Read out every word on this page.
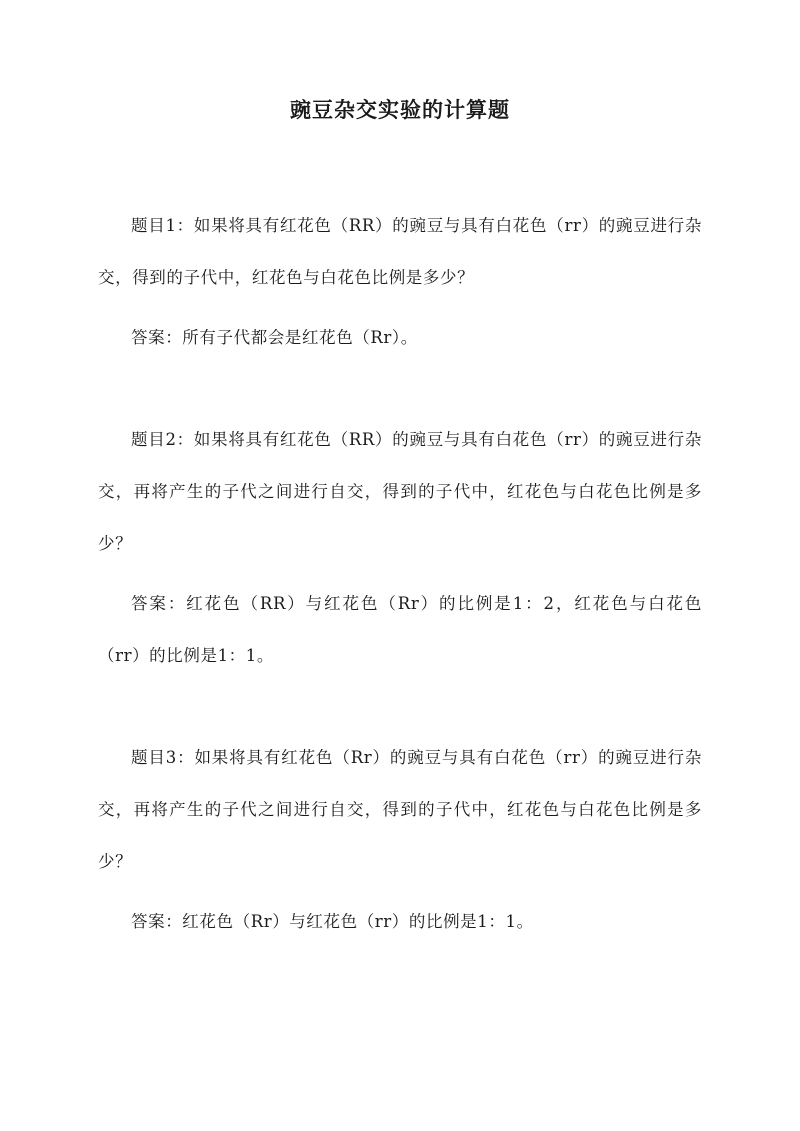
豌豆杂交实验的计算题

题目1：如果将具有红花色（RR）的豌豆与具有白花色（rr）的豌豆进行杂交，得到的子代中，红花色与白花色比例是多少？

答案：所有子代都会是红花色（Rr）。

题目2：如果将具有红花色（RR）的豌豆与具有白花色（rr）的豌豆进行杂交，再将产生的子代之间进行自交，得到的子代中，红花色与白花色比例是多少？

答案：红花色（RR）与红花色（Rr）的比例是1：2，红花色与白花色（rr）的比例是1：1。

题目3：如果将具有红花色（Rr）的豌豆与具有白花色（rr）的豌豆进行杂交，再将产生的子代之间进行自交，得到的子代中，红花色与白花色比例是多少？

答案：红花色（Rr）与红花色（rr）的比例是1：1。
